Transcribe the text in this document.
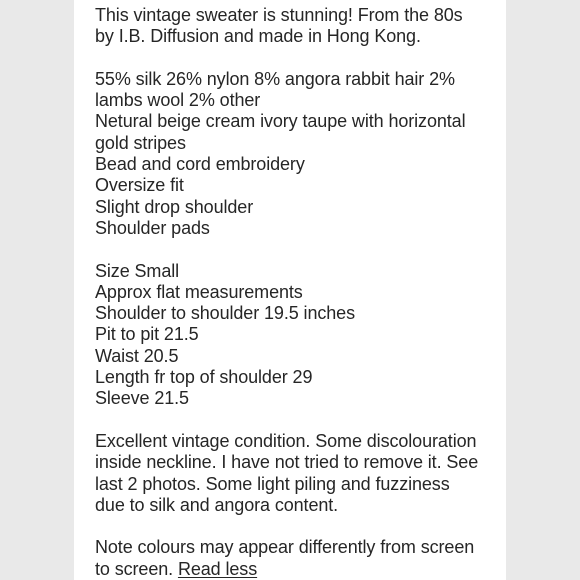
This vintage sweater is stunning! From the 80s
by I.B. Diffusion and made in Hong Kong.
55% silk 26% nylon 8% angora rabbit hair 2%
lambs wool 2% other
Netural beige cream ivory taupe with horizontal
gold stripes
Bead and cord embroidery
Oversize fit
Slight drop shoulder
Shoulder pads
Size Small
Approx flat measurements
Shoulder to shoulder 19.5 inches
Pit to pit 21.5
Waist 20.5
Length fr top of shoulder 29
Sleeve 21.5
Excellent vintage condition. Some discolouration
inside neckline. I have not tried to remove it. See
last 2 photos. Some light piling and fuzziness
due to silk and angora content.
Note colours may appear differently from screen
to screen. Read less
